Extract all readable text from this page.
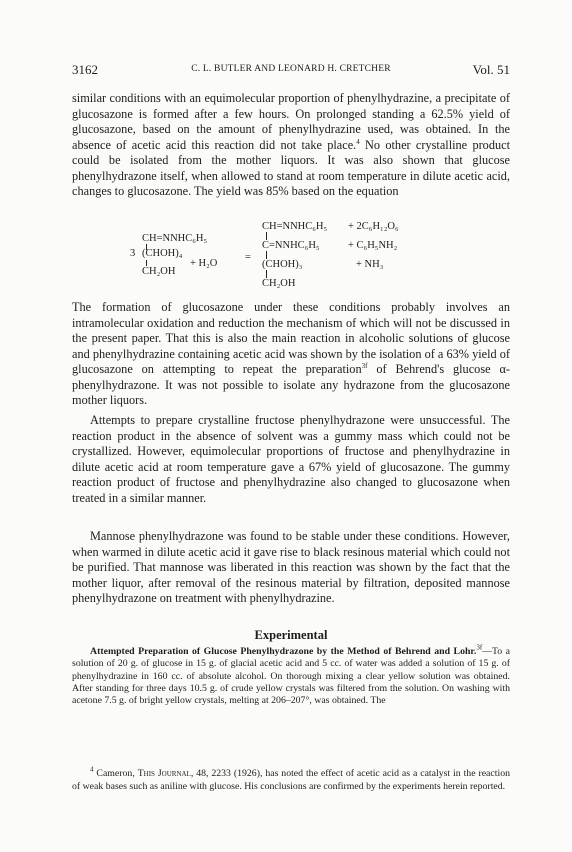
3162	C. L. BUTLER AND LEONARD H. CRETCHER	Vol. 51

similar conditions with an equimolecular proportion of phenylhydrazine, a precipitate of glucosazone is formed after a few hours. On prolonged standing a 62.5% yield of glucosazone, based on the amount of phenylhydrazine used, was obtained. In the absence of acetic acid this reaction did not take place.$^4$ No other crystalline product could be isolated from the mother liquors. It was also shown that glucose phenylhydrazone itself, when allowed to stand at room temperature in dilute acetic acid, changes to glucosazone. The yield was 85% based on the equation

3
CH=NNHC₆H₅
(CHOH)₄
CH₂OH
+ H₂O
=
CH=NNHC₆H₅ + 2C₆H₁₂O₆
C=NNHC₆H₅	+ C₆H₅NH₂
(CHOH)₃	+ NH₃
CH₂OH

The formation of glucosazone under these conditions probably involves an intramolecular oxidation and reduction the mechanism of which will not be discussed in the present paper. That this is also the main reaction in alcoholic solutions of glucose and phenylhydrazine containing acetic acid was shown by the isolation of a 63% yield of glucosazone on attempting to repeat the preparation$^{3f}$ of Behrend's glucose α-phenylhydrazone. It was not possible to isolate any hydrazone from the glucosazone mother liquors.

Attempts to prepare crystalline fructose phenylhydrazone were unsuccessful. The reaction product in the absence of solvent was a gummy mass which could not be crystallized. However, equimolecular proportions of fructose and phenylhydrazine in dilute acetic acid at room temperature gave a 67% yield of glucosazone. The gummy reaction product of fructose and phenylhydrazine also changed to glucosazone when treated in a similar manner.

Mannose phenylhydrazone was found to be stable under these conditions. However, when warmed in dilute acetic acid it gave rise to black resinous material which could not be purified. That mannose was liberated in this reaction was shown by the fact that the mother liquor, after removal of the resinous material by filtration, deposited mannose phenylhydrazone on treatment with phenylhydrazine.

Experimental

Attempted Preparation of Glucose Phenylhydrazone by the Method of Behrend and Lohr.$^{3f}$—To a solution of 20 g. of glucose in 15 g. of glacial acetic acid and 5 cc. of water was added a solution of 15 g. of phenylhydrazine in 160 cc. of absolute alcohol. On thorough mixing a clear yellow solution was obtained. After standing for three days 10.5 g. of crude yellow crystals was filtered from the solution. On washing with acetone 7.5 g. of bright yellow crystals, melting at 206–207°, was obtained. The

$^4$ Cameron, This Journal, 48, 2233 (1926), has noted the effect of acetic acid as a catalyst in the reaction of weak bases such as aniline with glucose. His conclusions are confirmed by the experiments herein reported.
